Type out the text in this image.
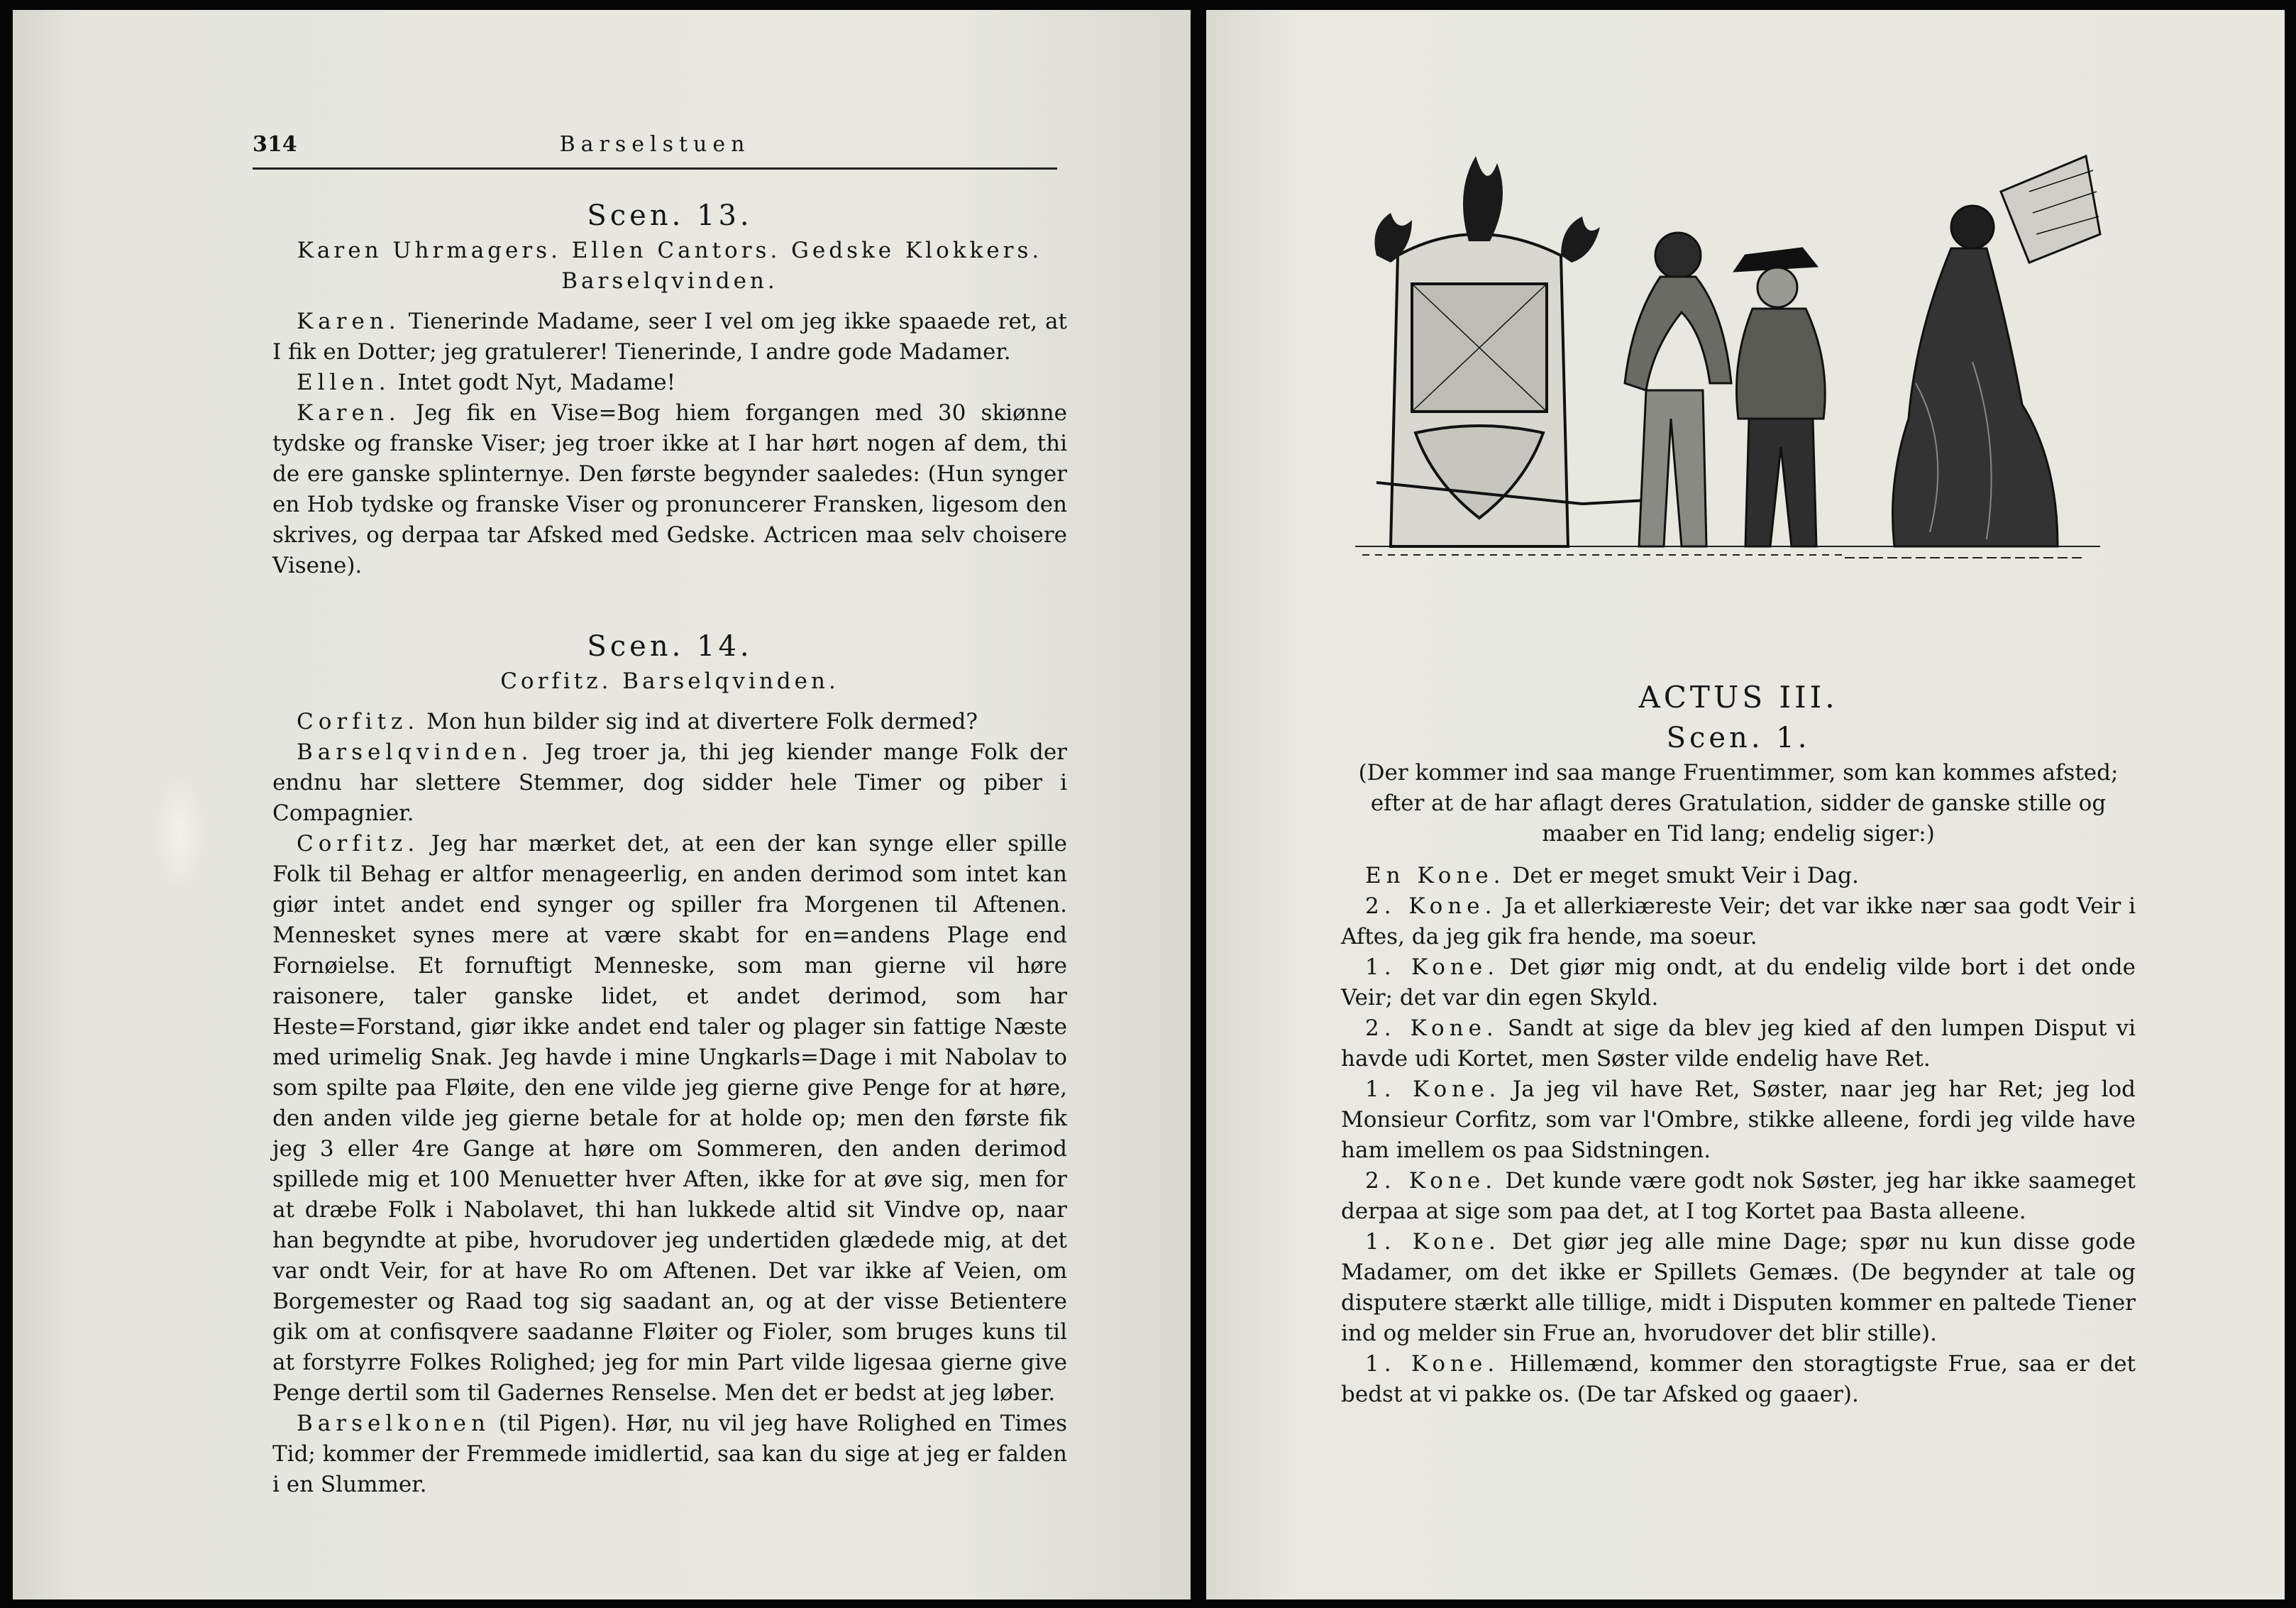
314	Barselstuen

Scen. 13.

Karen Uhrmagers. Ellen Cantors. Gedske Klokkers.
Barselqvinden.

Karen. Tienerinde Madame, seer I vel om jeg ikke spaaede ret, at I fik en Dotter; jeg gratulerer! Tienerinde, I andre gode Madamer.

Ellen. Intet godt Nyt, Madame!

Karen. Jeg fik en Vise=Bog hiem forgangen med 30 skiønne tydske og franske Viser; jeg troer ikke at I har hørt nogen af dem, thi de ere ganske splinternye. Den første begynder saaledes: (Hun synger en Hob tydske og franske Viser og pronuncerer Fransken, ligesom den skrives, og derpaa tar Afsked med Gedske. Actricen maa selv choisere Visene).

Scen. 14.

Corfitz. Barselqvinden.

Corfitz. Mon hun bilder sig ind at divertere Folk dermed?

Barselqvinden. Jeg troer ja, thi jeg kiender mange Folk der endnu har slettere Stemmer, dog sidder hele Timer og piber i Compagnier.

Corfitz. Jeg har mærket det, at een der kan synge eller spille Folk til Behag er altfor menageerlig, en anden derimod som intet kan giør intet andet end synger og spiller fra Morgenen til Aftenen. Mennesket synes mere at være skabt for en=andens Plage end Fornøielse. Et fornuftigt Menneske, som man gierne vil høre raisonere, taler ganske lidet, et andet derimod, som har Heste=Forstand, giør ikke andet end taler og plager sin fattige Næste med urimelig Snak. Jeg havde i mine Ungkarls=Dage i mit Nabolav to som spilte paa Fløite, den ene vilde jeg gierne give Penge for at høre, den anden vilde jeg gierne betale for at holde op; men den første fik jeg 3 eller 4re Gange at høre om Sommeren, den anden derimod spillede mig et 100 Menuetter hver Aften, ikke for at øve sig, men for at dræbe Folk i Nabolavet, thi han lukkede altid sit Vindve op, naar han begyndte at pibe, hvorudover jeg undertiden glædede mig, at det var ondt Veir, for at have Ro om Aftenen. Det var ikke af Veien, om Borgemester og Raad tog sig saadant an, og at der visse Betientere gik om at confisqvere saadanne Fløiter og Fioler, som bruges kuns til at forstyrre Folkes Rolighed; jeg for min Part vilde ligesaa gierne give Penge dertil som til Gadernes Renselse. Men det er bedst at jeg løber.

Barselkonen (til Pigen). Hør, nu vil jeg have Rolighed en Times Tid; kommer der Fremmede imidlertid, saa kan du sige at jeg er falden i en Slummer.

ACTUS III.

Scen. 1.

(Der kommer ind saa mange Fruentimmer, som kan kommes afsted; efter at de har aflagt deres Gratulation, sidder de ganske stille og maaber en Tid lang; endelig siger:)

En Kone. Det er meget smukt Veir i Dag.

2. Kone. Ja et allerkiæreste Veir; det var ikke nær saa godt Veir i Aftes, da jeg gik fra hende, ma soeur.

1. Kone. Det giør mig ondt, at du endelig vilde bort i det onde Veir; det var din egen Skyld.

2. Kone. Sandt at sige da blev jeg kied af den lumpen Disput vi havde udi Kortet, men Søster vilde endelig have Ret.

1. Kone. Ja jeg vil have Ret, Søster, naar jeg har Ret; jeg lod Monsieur Corfitz, som var l'Ombre, stikke alleene, fordi jeg vilde have ham imellem os paa Sidstningen.

2. Kone. Det kunde være godt nok Søster, jeg har ikke saameget derpaa at sige som paa det, at I tog Kortet paa Basta alleene.

1. Kone. Det giør jeg alle mine Dage; spør nu kun disse gode Madamer, om det ikke er Spillets Gemæs. (De begynder at tale og disputere stærkt alle tillige, midt i Disputen kommer en paltede Tiener ind og melder sin Frue an, hvorudover det blir stille).

1. Kone. Hillemænd, kommer den storagtigste Frue, saa er det bedst at vi pakke os. (De tar Afsked og gaaer).
